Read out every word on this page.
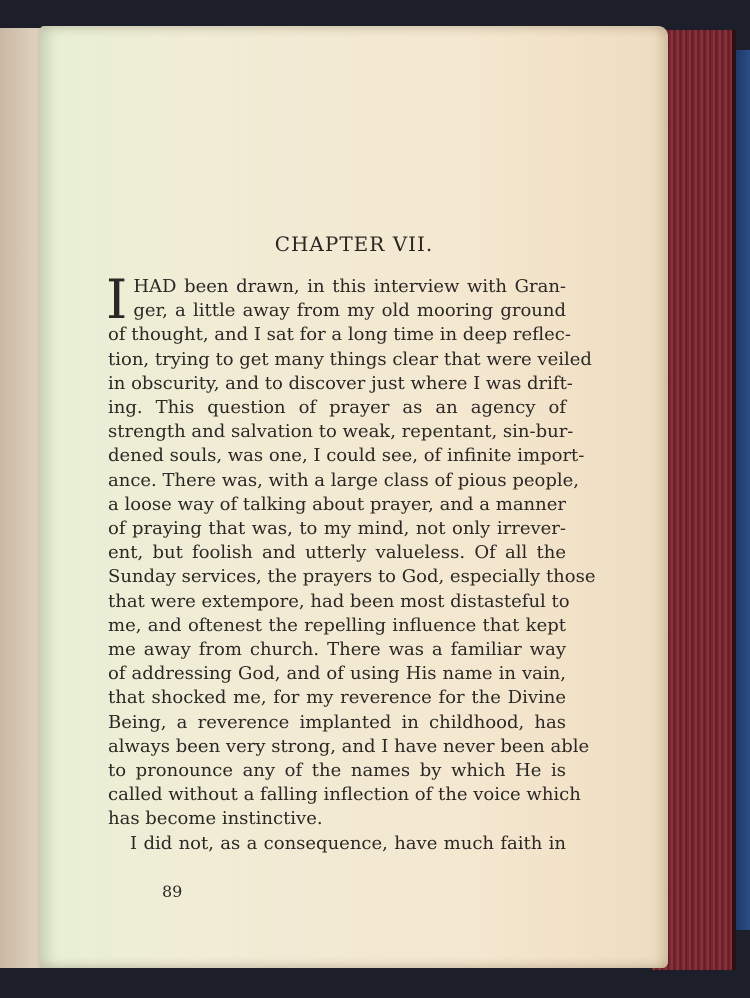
CHAPTER VII.
I HAD been drawn, in this interview with Gran-
ger, a little away from my old mooring ground
of thought, and I sat for a long time in deep reflec-
tion, trying to get many things clear that were veiled
in obscurity, and to discover just where I was drift-
ing. This question of prayer as an agency of
strength and salvation to weak, repentant, sin-bur-
dened souls, was one, I could see, of infinite import-
ance. There was, with a large class of pious people,
a loose way of talking about prayer, and a manner
of praying that was, to my mind, not only irrever-
ent, but foolish and utterly valueless. Of all the
Sunday services, the prayers to God, especially those
that were extempore, had been most distasteful to
me, and oftenest the repelling influence that kept
me away from church. There was a familiar way
of addressing God, and of using His name in vain,
that shocked me, for my reverence for the Divine
Being, a reverence implanted in childhood, has
always been very strong, and I have never been able
to pronounce any of the names by which He is
called without a falling inflection of the voice which
has become instinctive.
I did not, as a consequence, have much faith in
89
